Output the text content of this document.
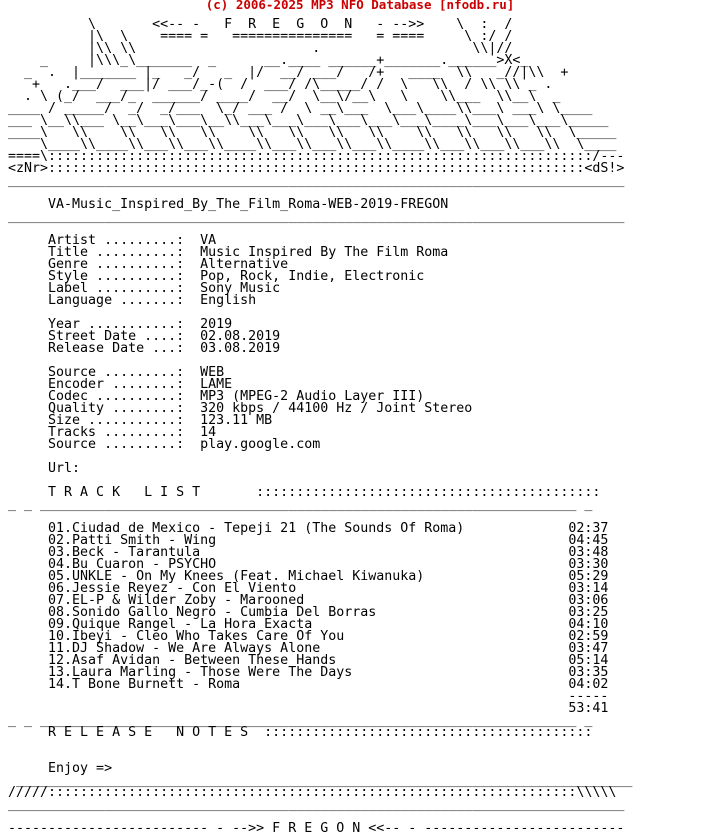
(c) 2006-2025 MP3 NFO Database [nfodb.ru]
\       <<-- -   F  R  E  G  O  N   - -->>    \  :  /
|\  \    ==== =   ===============   = ====     \ :/ /
|\\ \\                      .                   \\|//
_     |\\\_\_______  _      __.____ ______+_______.______>X<_
_  .  |_______ |_   _/   _  |/  __/ ___/   /+   ____  \\   _//|\\  +
+   .___/  ___|/ ___/_-(  /  ___/ /\_____/ /  \   \\  / \\ \\ _ .
. \ (_/  ___/_  ______/ ____/  __/  \__\/__\   \    \\___  \\__\  _
____ / _____/  _/  _/___  \_/ ___ /  \ __\___  \___\____\\___\ ___\ \____
___ \__\\___ \__\___\___\__\\___\___\___\___\___\___\____\___\___\___\_____
____\   \\    \\   \\   \\    \\   \\   \\   \\    \\   \\   \\   \\  \_____
\____\\____\\___\\___\\____\\___\\___\\___\\____\\___\\___\\___\\  \____
====\::::::::::::::::::::::::::::::::::::::::::::::::::::::::::::::::::::/---
<zNr>:::::::::::::::::::::::::::::::::::::::::::::::::::::::::::::::::::<dS!>
_____________________________________________________________________________

VA-Music_Inspired_By_The_Film_Roma-WEB-2019-FREGON
_____________________________________________________________________________

Artist .........:  VA
Title ..........:  Music Inspired By The Film Roma
Genre ..........:  Alternative
Style ..........:  Pop, Rock, Indie, Electronic
Label ..........:  Sony Music
Language .......:  English

Year ...........:  2019
Street Date ....:  02.08.2019
Release Date ...:  03.08.2019

Source .........:  WEB
Encoder ........:  LAME
Codec ..........:  MP3 (MPEG-2 Audio Layer III)
Quality ........:  320 kbps / 44100 Hz / Joint Stereo
Size ...........:  123.11 MB
Tracks .........:  14
Source .........:  play.google.com

Url:

T R A C K   L I S T       :::::::::::::::::::::::::::::::::::::::::::
_ _ ___________________________________________________________________ _

01.Ciudad de Mexico - Tepeji 21 (The Sounds Of Roma)             02:37
02.Patti Smith - Wing                                            04:45
03.Beck - Tarantula                                              03:48
04.Bu Cuaron - PSYCHO                                            03:30
05.UNKLE - On My Knees (Feat. Michael Kiwanuka)                  05:29
06.Jessie Reyez - Con El Viento                                  03:14
07.EL-P & Wilder Zoby - Marooned                                 03:06
08.Sonido Gallo Negro - Cumbia Del Borras                        03:25
09.Quique Rangel - La Hora Exacta                                04:10
10.Ibeyi - Cleo Who Takes Care Of You                            02:59
11.DJ Shadow - We Are Always Alone                               03:47
12.Asaf Avidan - Between These Hands                             05:14
13.Laura Marling - Those Were The Days                           03:35
14.T Bone Burnett - Roma                                         04:02
-----
53:41
_ _ ___________________________________________________________________ _
R E L E A S E   N O T E S  :::::::::::::::::::::::::::::::::::::::::

Enjoy =>
_____________________________________________________________________________
/////::::::::::::::::::::::::::::::::::::::::::::::::::::::::::::::::::\\\\\
_____________________________________________________________________________

------------------------- - -->> F R E G O N <<-- - -------------------------
